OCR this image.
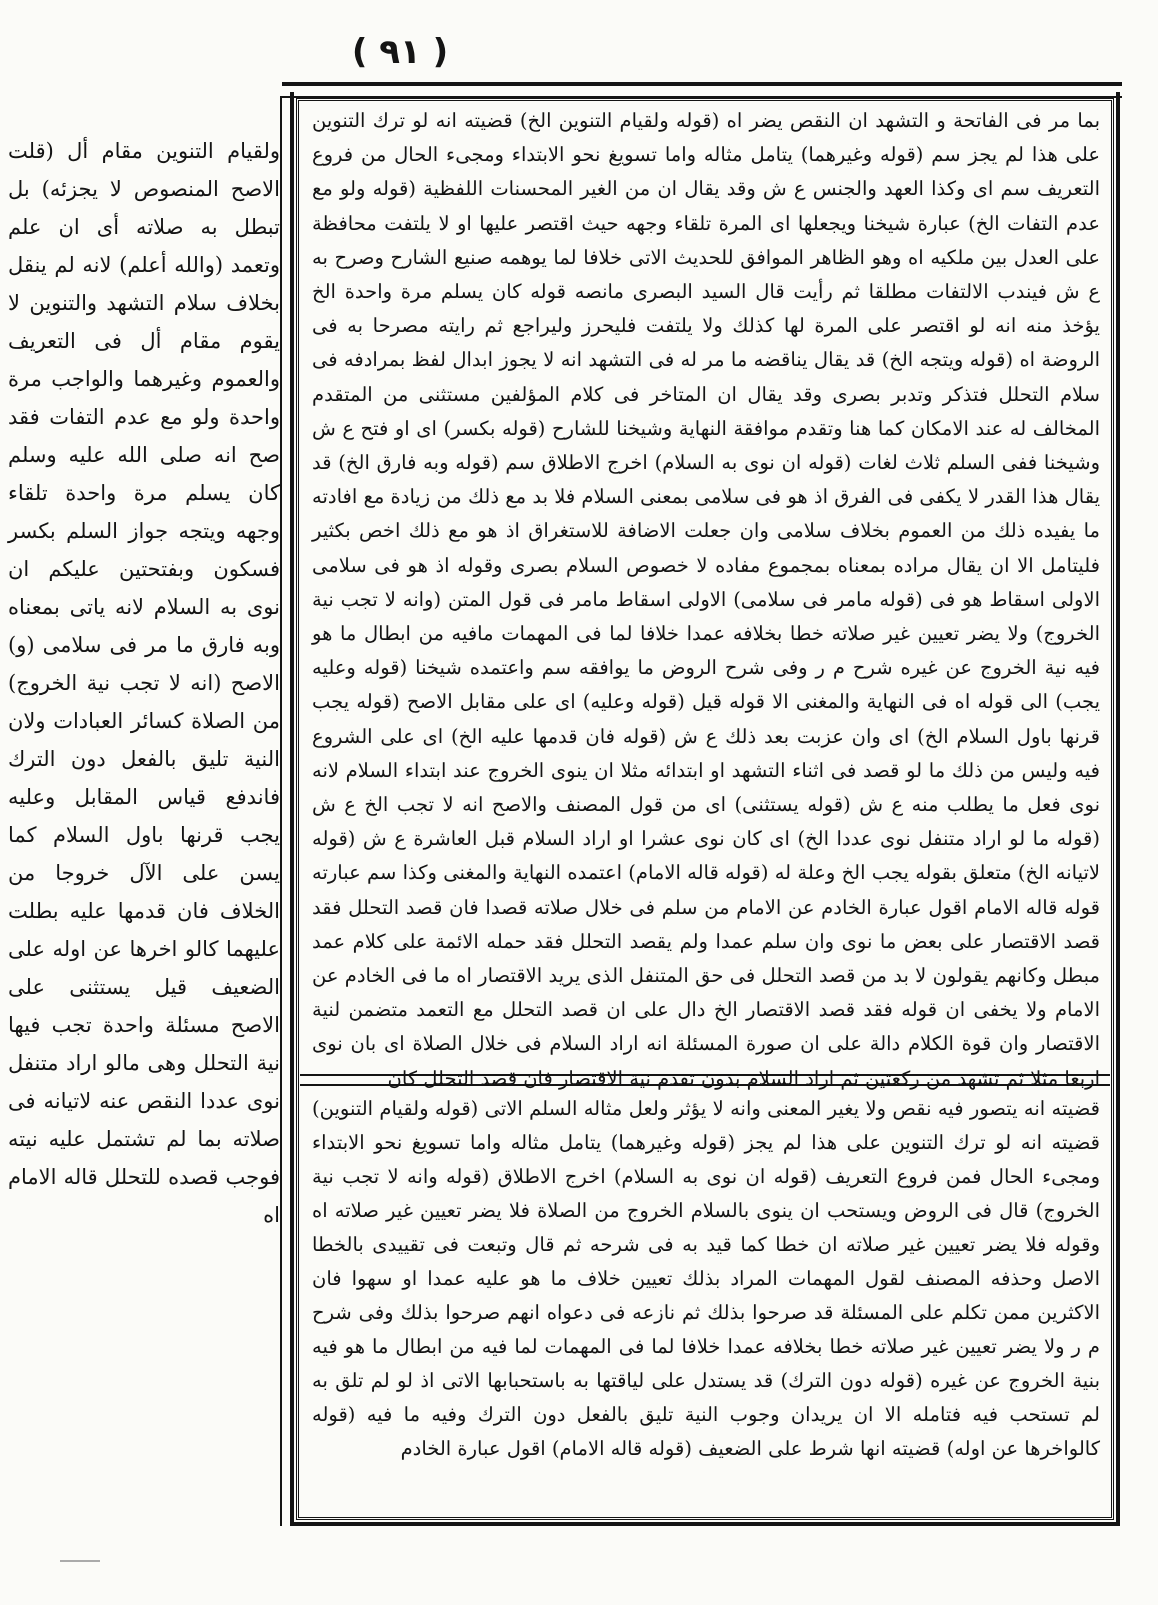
( ٩١ )
بما مر فى الفاتحة و التشهد ان النقص يضر اه (قوله ولقيام التنوين الخ) قضيته انه لو ترك التنوين على هذا لم يجز سم (قوله وغيرهما) يتامل مثاله واما تسويغ نحو الابتداء ومجىء الحال من فروع التعريف سم اى وكذا العهد والجنس ع ش وقد يقال ان من الغير المحسنات اللفظية (قوله ولو مع عدم التفات الخ) عبارة شيخنا ويجعلها اى المرة تلقاء وجهه حيث اقتصر عليها او لا يلتفت محافظة على العدل بين ملكيه اه وهو الظاهر الموافق للحديث الاتى خلافا لما يوهمه صنيع الشارح وصرح به ع ش فيندب الالتفات مطلقا ثم رأيت قال السيد البصرى مانصه قوله كان يسلم مرة واحدة الخ يؤخذ منه انه لو اقتصر على المرة لها كذلك ولا يلتفت فليحرز وليراجع ثم رايته مصرحا به فى الروضة اه (قوله ويتجه الخ) قد يقال يناقضه ما مر له فى التشهد انه لا يجوز ابدال لفظ بمرادفه فى سلام التحلل فتذكر وتدبر بصرى وقد يقال ان المتاخر فى كلام المؤلفين مستثنى من المتقدم المخالف له عند الامكان كما هنا وتقدم موافقة النهاية وشيخنا للشارح (قوله بكسر) اى او فتح ع ش وشيخنا ففى السلم ثلاث لغات (قوله ان نوى به السلام) اخرج الاطلاق سم (قوله وبه فارق الخ) قد يقال هذا القدر لا يكفى فى الفرق اذ هو فى سلامى بمعنى السلام فلا بد مع ذلك من زيادة مع افادته ما يفيده ذلك من العموم بخلاف سلامى وان جعلت الاضافة للاستغراق اذ هو مع ذلك اخص بكثير فليتامل الا ان يقال مراده بمعناه بمجموع مفاده لا خصوص السلام بصرى وقوله اذ هو فى سلامى الاولى اسقاط هو فى (قوله مامر فى سلامى) الاولى اسقاط مامر فى قول المتن (وانه لا تجب نية الخروج) ولا يضر تعيين غير صلاته خطا بخلافه عمدا خلافا لما فى المهمات مافيه من ابطال ما هو فيه نية الخروج عن غيره شرح م ر وفى شرح الروض ما يوافقه سم واعتمده شيخنا (قوله وعليه يجب) الى قوله اه فى النهاية والمغنى الا قوله قيل (قوله وعليه) اى على مقابل الاصح (قوله يجب قرنها باول السلام الخ) اى وان عزبت بعد ذلك ع ش (قوله فان قدمها عليه الخ) اى على الشروع فيه وليس من ذلك ما لو قصد فى اثناء التشهد او ابتدائه مثلا ان ينوى الخروج عند ابتداء السلام لانه نوى فعل ما يطلب منه ع ش (قوله يستثنى) اى من قول المصنف والاصح انه لا تجب الخ ع ش (قوله ما لو اراد متنفل نوى عددا الخ) اى كان نوى عشرا او اراد السلام قبل العاشرة ع ش (قوله لاتيانه الخ) متعلق بقوله يجب الخ وعلة له (قوله قاله الامام) اعتمده النهاية والمغنى وكذا سم عبارته قوله قاله الامام اقول عبارة الخادم عن الامام من سلم فى خلال صلاته قصدا فان قصد التحلل فقد قصد الاقتصار على بعض ما نوى وان سلم عمدا ولم يقصد التحلل فقد حمله الائمة على كلام عمد مبطل وكانهم يقولون لا بد من قصد التحلل فى حق المتنفل الذى يريد الاقتصار اه ما فى الخادم عن الامام ولا يخفى ان قوله فقد قصد الاقتصار الخ دال على ان قصد التحلل مع التعمد متضمن لنية الاقتصار وان قوة الكلام دالة على ان صورة المسئلة انه اراد السلام فى خلال الصلاة اى بان نوى اربعا مثلا ثم تشهد من ركعتين ثم اراد السلام بدون تقدم نية الاقتصار فان قصد التحلل كان
قضيته انه يتصور فيه نقص ولا يغير المعنى وانه لا يؤثر ولعل مثاله السلم الاتى (قوله ولقيام التنوين) قضيته انه لو ترك التنوين على هذا لم يجز (قوله وغيرهما) يتامل مثاله واما تسويغ نحو الابتداء ومجىء الحال فمن فروع التعريف (قوله ان نوى به السلام) اخرج الاطلاق (قوله وانه لا تجب نية الخروج) قال فى الروض ويستحب ان ينوى بالسلام الخروج من الصلاة فلا يضر تعيين غير صلاته اه وقوله فلا يضر تعيين غير صلاته ان خطا كما قيد به فى شرحه ثم قال وتبعت فى تقييدى بالخطا الاصل وحذفه المصنف لقول المهمات المراد بذلك تعيين خلاف ما هو عليه عمدا او سهوا فان الاكثرين ممن تكلم على المسئلة قد صرحوا بذلك ثم نازعه فى دعواه انهم صرحوا بذلك وفى شرح م ر ولا يضر تعيين غير صلاته خطا بخلافه عمدا خلافا لما فى المهمات لما فيه من ابطال ما هو فيه بنية الخروج عن غيره (قوله دون الترك) قد يستدل على لياقتها به باستحبابها الاتى اذ لو لم تلق به لم تستحب فيه فتامله الا ان يريدان وجوب النية تليق بالفعل دون الترك وفيه ما فيه (قوله كالواخرها عن اوله) قضيته انها شرط على الضعيف (قوله قاله الامام) اقول عبارة الخادم
ولقيام التنوين مقام أل (قلت الاصح المنصوص لا يجزئه) بل تبطل به صلاته أى ان علم وتعمد (والله أعلم) لانه لم ينقل بخلاف سلام التشهد والتنوين لا يقوم مقام أل فى التعريف والعموم وغيرهما والواجب مرة واحدة ولو مع عدم التفات فقد صح انه صلى الله عليه وسلم كان يسلم مرة واحدة تلقاء وجهه ويتجه جواز السلم بكسر فسكون وبفتحتين عليكم ان نوى به السلام لانه ياتى بمعناه وبه فارق ما مر فى سلامى (و) الاصح (انه لا تجب نية الخروج) من الصلاة كسائر العبادات ولان النية تليق بالفعل دون الترك فاندفع قياس المقابل وعليه يجب قرنها باول السلام كما يسن على الآل خروجا من الخلاف فان قدمها عليه بطلت عليهما كالو اخرها عن اوله على الضعيف قيل يستثنى على الاصح مسئلة واحدة تجب فيها نية التحلل وهى مالو اراد متنفل نوى عددا النقص عنه لاتيانه فى صلاته بما لم تشتمل عليه نيته فوجب قصده للتحلل قاله الامام اه
